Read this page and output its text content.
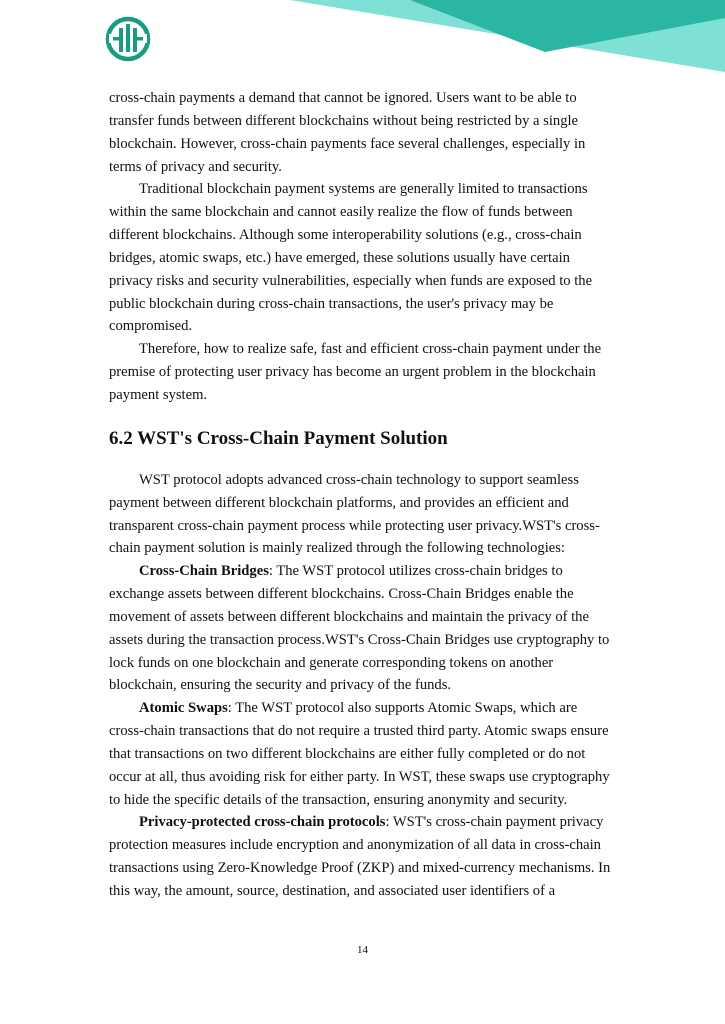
cross-chain payments a demand that cannot be ignored. Users want to be able to transfer funds between different blockchains without being restricted by a single blockchain. However, cross-chain payments face several challenges, especially in terms of privacy and security.

Traditional blockchain payment systems are generally limited to transactions within the same blockchain and cannot easily realize the flow of funds between different blockchains. Although some interoperability solutions (e.g., cross-chain bridges, atomic swaps, etc.) have emerged, these solutions usually have certain privacy risks and security vulnerabilities, especially when funds are exposed to the public blockchain during cross-chain transactions, the user's privacy may be compromised.

Therefore, how to realize safe, fast and efficient cross-chain payment under the premise of protecting user privacy has become an urgent problem in the blockchain payment system.

6.2 WST's Cross-Chain Payment Solution

WST protocol adopts advanced cross-chain technology to support seamless payment between different blockchain platforms, and provides an efficient and transparent cross-chain payment process while protecting user privacy.WST's cross-chain payment solution is mainly realized through the following technologies:

Cross-Chain Bridges: The WST protocol utilizes cross-chain bridges to exchange assets between different blockchains. Cross-Chain Bridges enable the movement of assets between different blockchains and maintain the privacy of the assets during the transaction process.WST's Cross-Chain Bridges use cryptography to lock funds on one blockchain and generate corresponding tokens on another blockchain, ensuring the security and privacy of the funds.

Atomic Swaps: The WST protocol also supports Atomic Swaps, which are cross-chain transactions that do not require a trusted third party. Atomic swaps ensure that transactions on two different blockchains are either fully completed or do not occur at all, thus avoiding risk for either party. In WST, these swaps use cryptography to hide the specific details of the transaction, ensuring anonymity and security.

Privacy-protected cross-chain protocols: WST's cross-chain payment privacy protection measures include encryption and anonymization of all data in cross-chain transactions using Zero-Knowledge Proof (ZKP) and mixed-currency mechanisms. In this way, the amount, source, destination, and associated user identifiers of a

14
